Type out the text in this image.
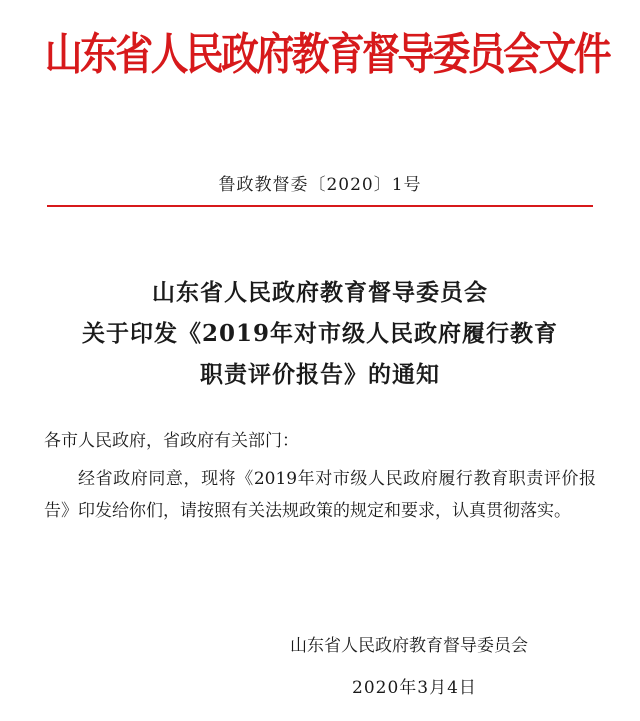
山东省人民政府教育督导委员会文件
鲁政教督委〔2020〕1号
山东省人民政府教育督导委员会
关于印发《2019年对市级人民政府履行教育
职责评价报告》的通知
各市人民政府，省政府有关部门：
经省政府同意，现将《2019年对市级人民政府履行教育职责评价报告》印发给你们，请按照有关法规政策的规定和要求，认真贯彻落实。
山东省人民政府教育督导委员会
2020年3月4日
